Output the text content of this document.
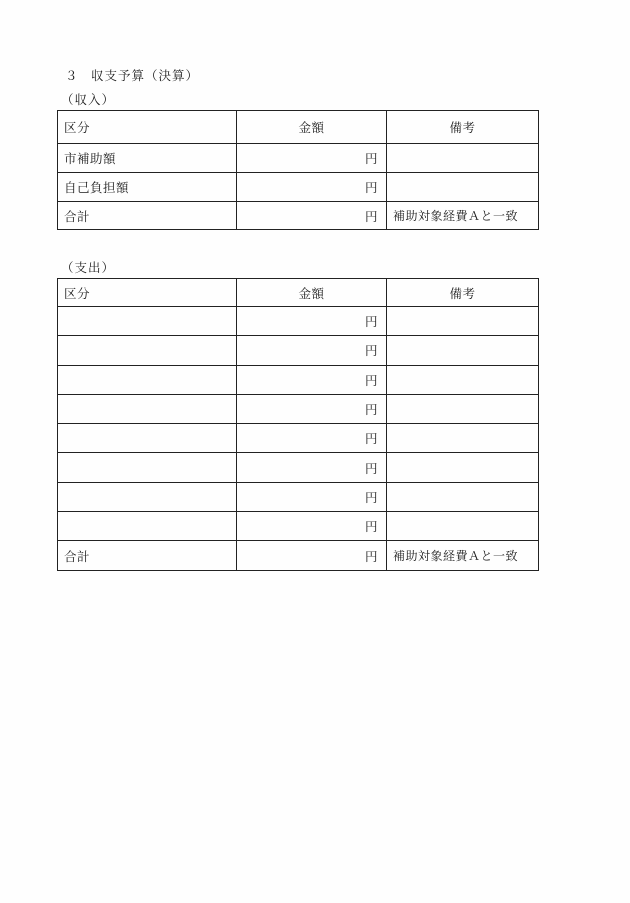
３ 収支予算（決算）
（収入）
区分	金額	備考
市補助額	円	
自己負担額	円	
合計	円	補助対象経費Ａと一致
（支出）
区分	金額	備考
	円	
	円	
	円	
	円	
	円	
	円	
	円	
	円	
合計	円	補助対象経費Ａと一致
